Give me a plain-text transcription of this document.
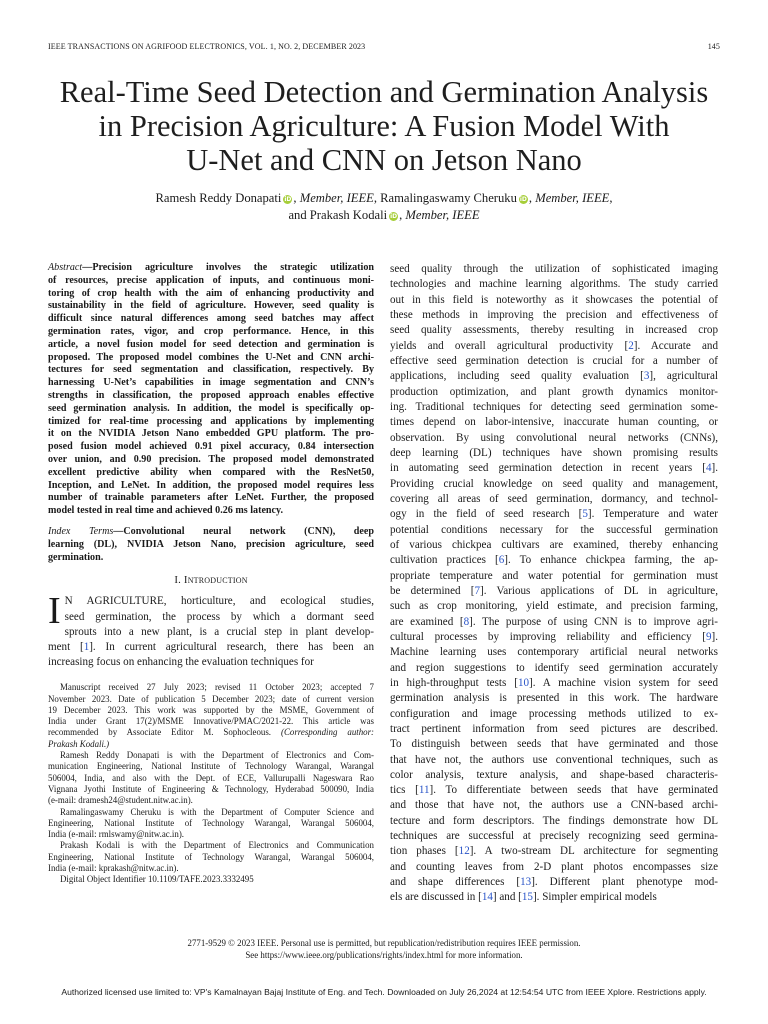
IEEE TRANSACTIONS ON AGRIFOOD ELECTRONICS, VOL. 1, NO. 2, DECEMBER 2023	145
Real-Time Seed Detection and Germination Analysis
in Precision Agriculture: A Fusion Model With
U-Net and CNN on Jetson Nano
Ramesh Reddy Donapati iD , Member, IEEE, Ramalingaswamy Cheruku iD , Member, IEEE,
and Prakash Kodali iD , Member, IEEE
Abstract—Precision agriculture involves the strategic utilization
of resources, precise application of inputs, and continuous moni-
toring of crop health with the aim of enhancing productivity and
sustainability in the field of agriculture. However, seed quality is
difficult since natural differences among seed batches may affect
germination rates, vigor, and crop performance. Hence, in this
article, a novel fusion model for seed detection and germination is
proposed. The proposed model combines the U-Net and CNN archi-
tectures for seed segmentation and classification, respectively. By
harnessing U-Net’s capabilities in image segmentation and CNN’s
strengths in classification, the proposed approach enables effective
seed germination analysis. In addition, the model is specifically op-
timized for real-time processing and applications by implementing
it on the NVIDIA Jetson Nano embedded GPU platform. The pro-
posed fusion model achieved 0.91 pixel accuracy, 0.84 intersection
over union, and 0.90 precision. The proposed model demonstrated
excellent predictive ability when compared with the ResNet50,
Inception, and LeNet. In addition, the proposed model requires less
number of trainable parameters after LeNet. Further, the proposed
model tested in real time and achieved 0.26 ms latency.
Index Terms—Convolutional neural network (CNN), deep
learning (DL), NVIDIA Jetson Nano, precision agriculture, seed
germination.
I. Introduction
I N AGRICULTURE, horticulture, and ecological studies,
seed germination, the process by which a dormant seed
sprouts into a new plant, is a crucial step in plant develop-
ment [1]. In current agricultural research, there has been an
increasing focus on enhancing the evaluation techniques for
Manuscript received 27 July 2023; revised 11 October 2023; accepted 7
November 2023. Date of publication 5 December 2023; date of current version
19 December 2023. This work was supported by the MSME, Government of
India under Grant 17(2)/MSME Innovative/PMAC/2021-22. This article was
recommended by Associate Editor M. Sophocleous. (Corresponding author:
Prakash Kodali.)
Ramesh Reddy Donapati is with the Department of Electronics and Com-
munication Engineering, National Institute of Technology Warangal, Warangal
506004, India, and also with the Dept. of ECE, Vallurupalli Nageswara Rao
Vignana Jyothi Institute of Engineering & Technology, Hyderabad 500090, India
(e-mail: dramesh24@student.nitw.ac.in).
Ramalingaswamy Cheruku is with the Department of Computer Science and
Engineering, National Institute of Technology Warangal, Warangal 506004,
India (e-mail: rmlswamy@nitw.ac.in).
Prakash Kodali is with the Department of Electronics and Communication
Engineering, National Institute of Technology Warangal, Warangal 506004,
India (e-mail: kprakash@nitw.ac.in).
Digital Object Identifier 10.1109/TAFE.2023.3332495
seed quality through the utilization of sophisticated imaging
technologies and machine learning algorithms. The study carried
out in this field is noteworthy as it showcases the potential of
these methods in improving the precision and effectiveness of
seed quality assessments, thereby resulting in increased crop
yields and overall agricultural productivity [2]. Accurate and
effective seed germination detection is crucial for a number of
applications, including seed quality evaluation [3], agricultural
production optimization, and plant growth dynamics monitor-
ing. Traditional techniques for detecting seed germination some-
times depend on labor-intensive, inaccurate human counting, or
observation. By using convolutional neural networks (CNNs),
deep learning (DL) techniques have shown promising results
in automating seed germination detection in recent years [4].
Providing crucial knowledge on seed quality and management,
covering all areas of seed germination, dormancy, and technol-
ogy in the field of seed research [5]. Temperature and water
potential conditions necessary for the successful germination
of various chickpea cultivars are examined, thereby enhancing
cultivation practices [6]. To enhance chickpea farming, the ap-
propriate temperature and water potential for germination must
be determined [7]. Various applications of DL in agriculture,
such as crop monitoring, yield estimate, and precision farming,
are examined [8]. The purpose of using CNN is to improve agri-
cultural processes by improving reliability and efficiency [9].
Machine learning uses contemporary artificial neural networks
and region suggestions to identify seed germination accurately
in high-throughput tests [10]. A machine vision system for seed
germination analysis is presented in this work. The hardware
configuration and image processing methods utilized to ex-
tract pertinent information from seed pictures are described.
To distinguish between seeds that have germinated and those
that have not, the authors use conventional techniques, such as
color analysis, texture analysis, and shape-based characteris-
tics [11]. To differentiate between seeds that have germinated
and those that have not, the authors use a CNN-based archi-
tecture and form descriptors. The findings demonstrate how DL
techniques are successful at precisely recognizing seed germina-
tion phases [12]. A two-stream DL architecture for segmenting
and counting leaves from 2-D plant photos encompasses size
and shape differences [13]. Different plant phenotype mod-
els are discussed in [14] and [15]. Simpler empirical models
2771-9529 © 2023 IEEE. Personal use is permitted, but republication/redistribution requires IEEE permission.
See https://www.ieee.org/publications/rights/index.html for more information.
Authorized licensed use limited to: VP's Kamalnayan Bajaj Institute of Eng. and Tech. Downloaded on July 26,2024 at 12:54:54 UTC from IEEE Xplore. Restrictions apply.
